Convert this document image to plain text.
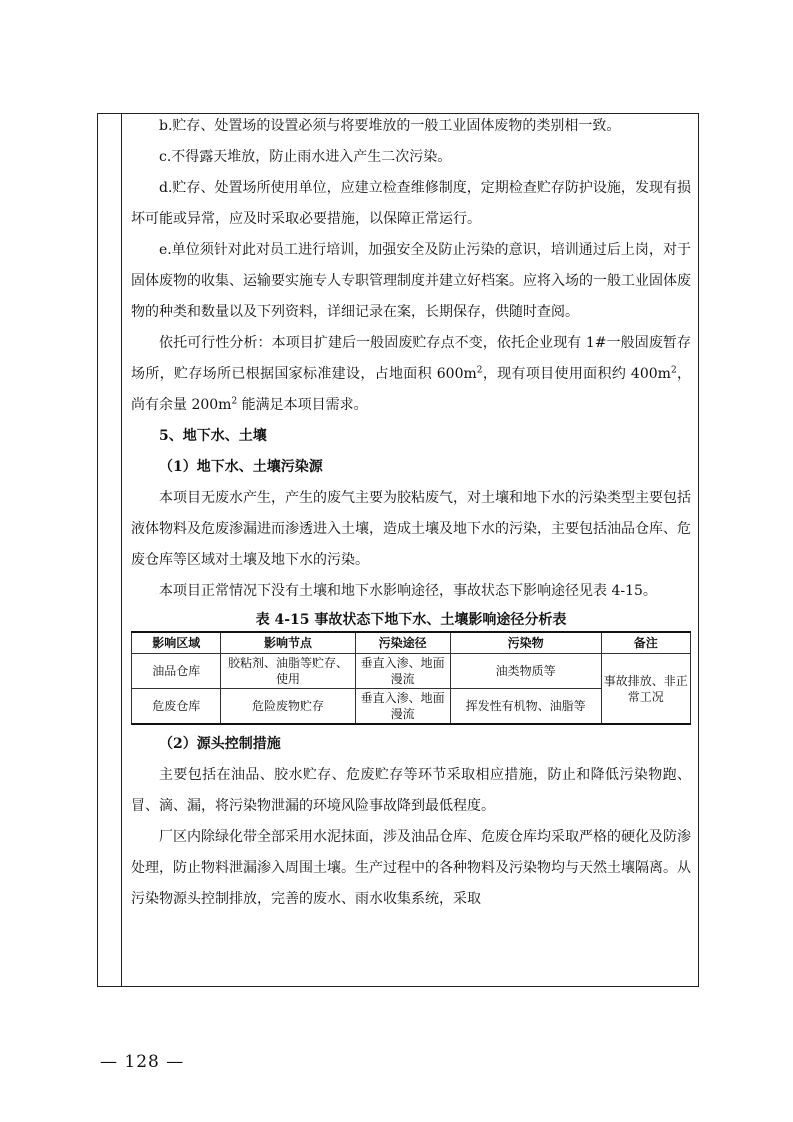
b.贮存、处置场的设置必须与将要堆放的一般工业固体废物的类别相一致。

c.不得露天堆放，防止雨水进入产生二次污染。

d.贮存、处置场所使用单位，应建立检查维修制度，定期检查贮存防护设施，发现有损坏可能或异常，应及时采取必要措施，以保障正常运行。

e.单位须针对此对员工进行培训，加强安全及防止污染的意识，培训通过后上岗，对于固体废物的收集、运输要实施专人专职管理制度并建立好档案。应将入场的一般工业固体废物的种类和数量以及下列资料，详细记录在案，长期保存，供随时查阅。

依托可行性分析：本项目扩建后一般固废贮存点不变，依托企业现有 1#一般固废暂存场所，贮存场所已根据国家标准建设，占地面积 $600m^2$，现有项目使用面积约 $400m^2$，尚有余量 $200m^2$ 能满足本项目需求。

5、地下水、土壤

（1）地下水、土壤污染源

本项目无废水产生，产生的废气主要为胶粘废气，对土壤和地下水的污染类型主要包括液体物料及危废渗漏进而渗透进入土壤，造成土壤及地下水的污染，主要包括油品仓库、危废仓库等区域对土壤及地下水的污染。

本项目正常情况下没有土壤和地下水影响途径，事故状态下影响途径见表 4-15。

表 4-15 事故状态下地下水、土壤影响途径分析表

影响区域	影响节点	污染途径	污染物	备注
油品仓库	胶粘剂、油脂等贮存、使用	垂直入渗、地面漫流	油类物质等	事故排放、非正常工况
危废仓库	危险废物贮存	垂直入渗、地面漫流	挥发性有机物、油脂等	

（2）源头控制措施

主要包括在油品、胶水贮存、危废贮存等环节采取相应措施，防止和降低污染物跑、冒、滴、漏，将污染物泄漏的环境风险事故降到最低程度。

厂区内除绿化带全部采用水泥抹面，涉及油品仓库、危废仓库均采取严格的硬化及防渗处理，防止物料泄漏渗入周围土壤。生产过程中的各种物料及污染物均与天然土壤隔离。从污染物源头控制排放，完善的废水、雨水收集系统，采取

— 128 —
